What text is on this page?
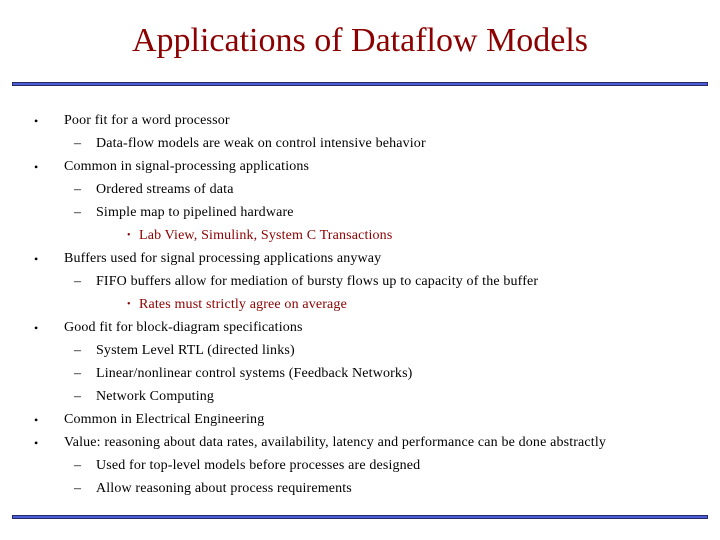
Applications of Dataflow Models
• Poor fit for a word processor
– Data-flow models are weak on control intensive behavior
• Common in signal-processing applications
– Ordered streams of data
– Simple map to pipelined hardware
• Lab View, Simulink, System C Transactions
• Buffers used for signal processing applications anyway
– FIFO buffers allow for mediation of bursty flows up to capacity of the buffer
• Rates must strictly agree on average
• Good fit for block-diagram specifications
– System Level RTL (directed links)
– Linear/nonlinear control systems (Feedback Networks)
– Network Computing
• Common in Electrical Engineering
• Value: reasoning about data rates, availability, latency and performance can be done abstractly
– Used for top-level models before processes are designed
– Allow reasoning about process requirements
